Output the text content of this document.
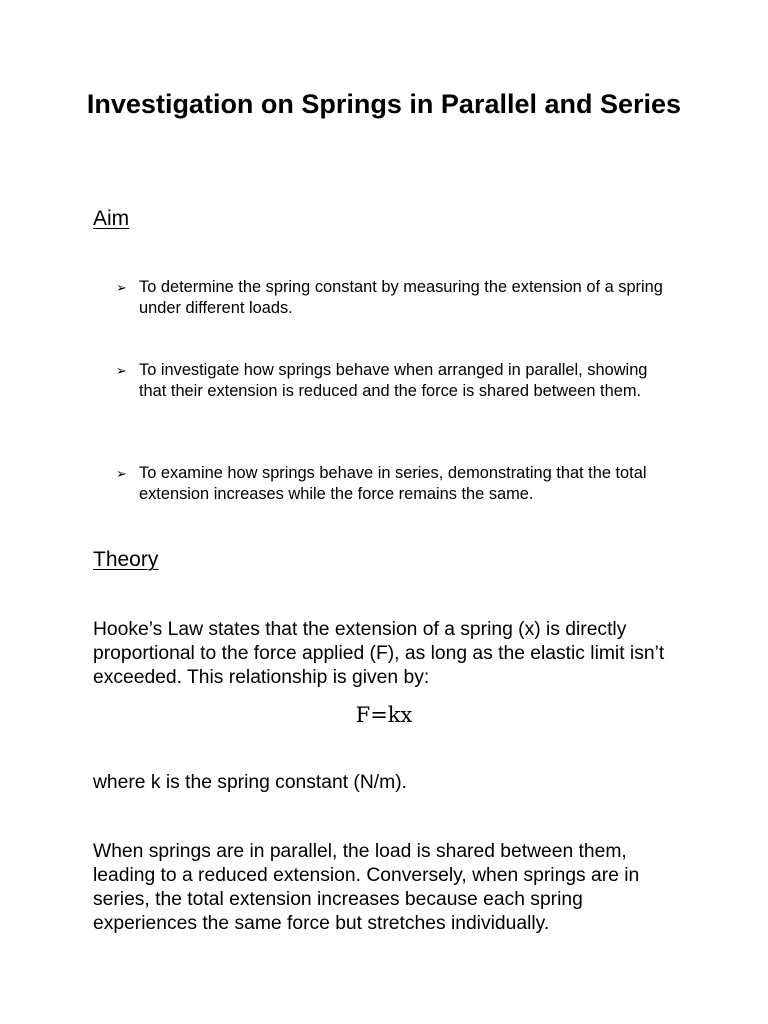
Investigation on Springs in Parallel and Series
Aim
➢ To determine the spring constant by measuring the extension of a spring under different loads.
➢ To investigate how springs behave when arranged in parallel, showing that their extension is reduced and the force is shared between them.
➢ To examine how springs behave in series, demonstrating that the total extension increases while the force remains the same.
Theory

Hooke’s Law states that the extension of a spring (x) is directly proportional to the force applied (F), as long as the elastic limit isn’t exceeded. This relationship is given by:

F=kx

where k is the spring constant (N/m).

When springs are in parallel, the load is shared between them, leading to a reduced extension. Conversely, when springs are in series, the total extension increases because each spring experiences the same force but stretches individually.
